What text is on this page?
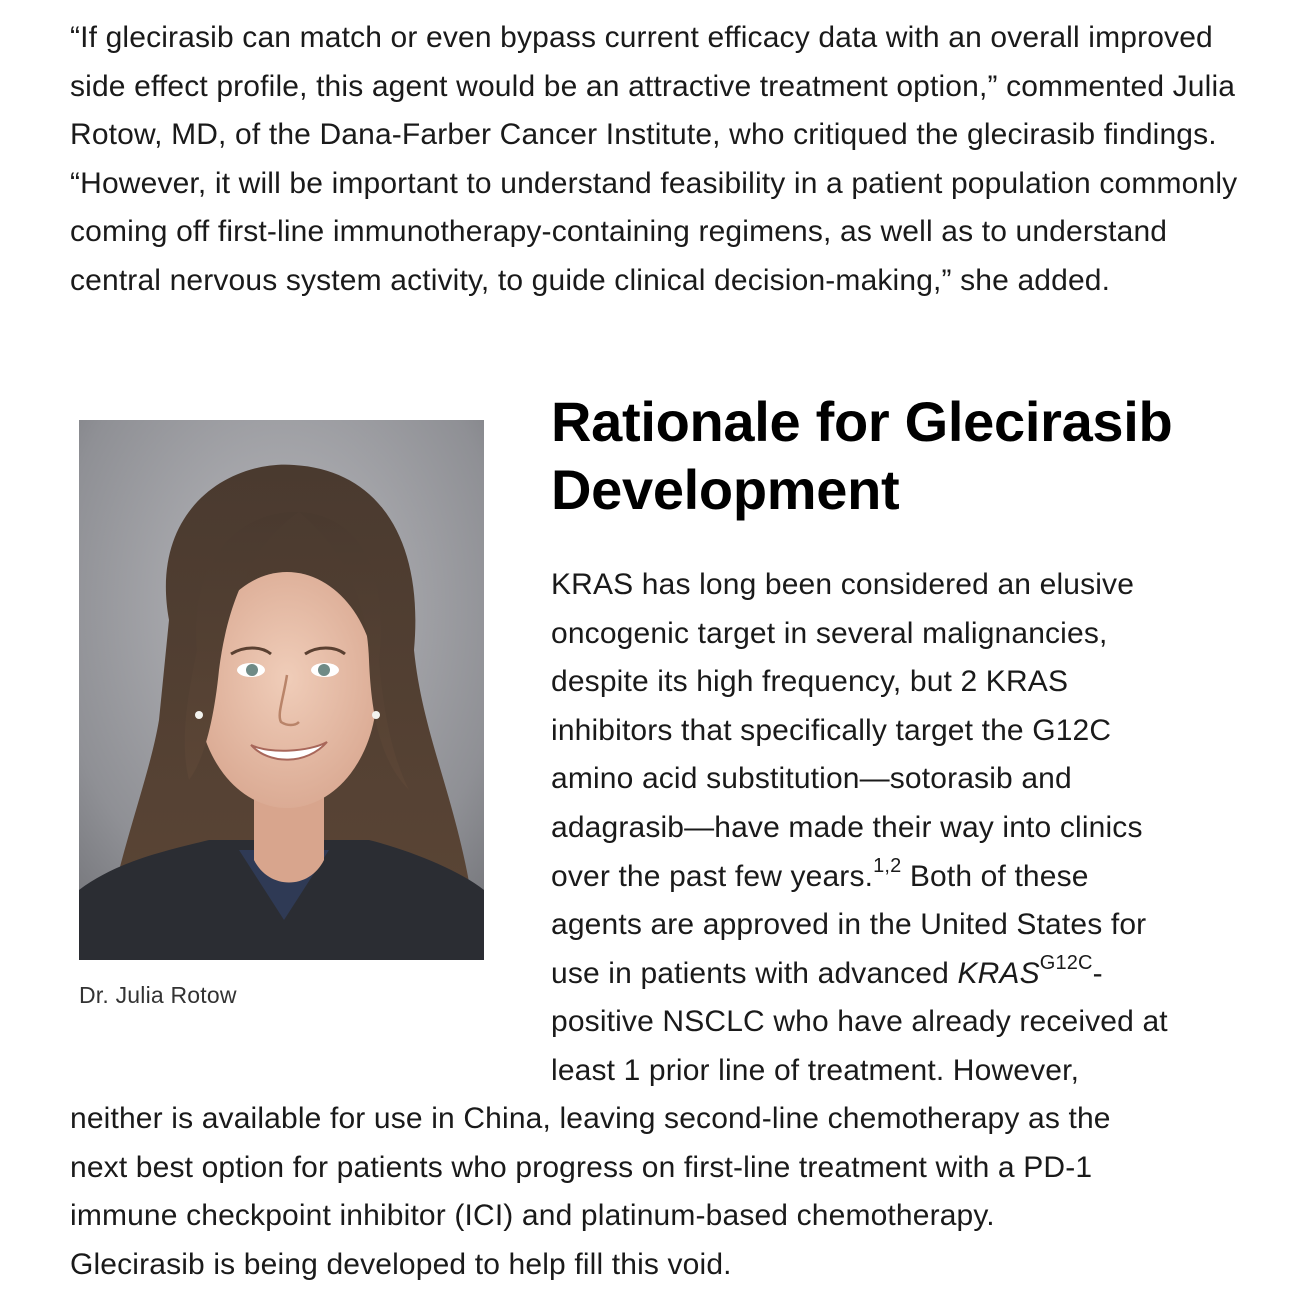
“If glecirasib can match or even bypass current efficacy data with an overall improved side effect profile, this agent would be an attractive treatment option,” commented Julia Rotow, MD, of the Dana-Farber Cancer Institute, who critiqued the glecirasib findings. “However, it will be important to understand feasibility in a patient population commonly coming off first-line immunotherapy-containing regimens, as well as to understand central nervous system activity, to guide clinical decision-making,” she added.

Dr. Julia Rotow
Rationale for Glecirasib Development
KRAS has long been considered an elusive
oncogenic target in several malignancies,
despite its high frequency, but 2 KRAS
inhibitors that specifically target the G12C
amino acid substitution—sotorasib and
adagrasib—have made their way into clinics
over the past few years.$^{1,2}$ Both of these
agents are approved in the United States for
use in patients with advanced $KRAS^{G12C}-$
positive NSCLC who have already received at
least 1 prior line of treatment. However,
neither is available for use in China, leaving second-line chemotherapy as the
next best option for patients who progress on first-line treatment with a PD-1
immune checkpoint inhibitor (ICI) and platinum-based chemotherapy.
Glecirasib is being developed to help fill this void.
